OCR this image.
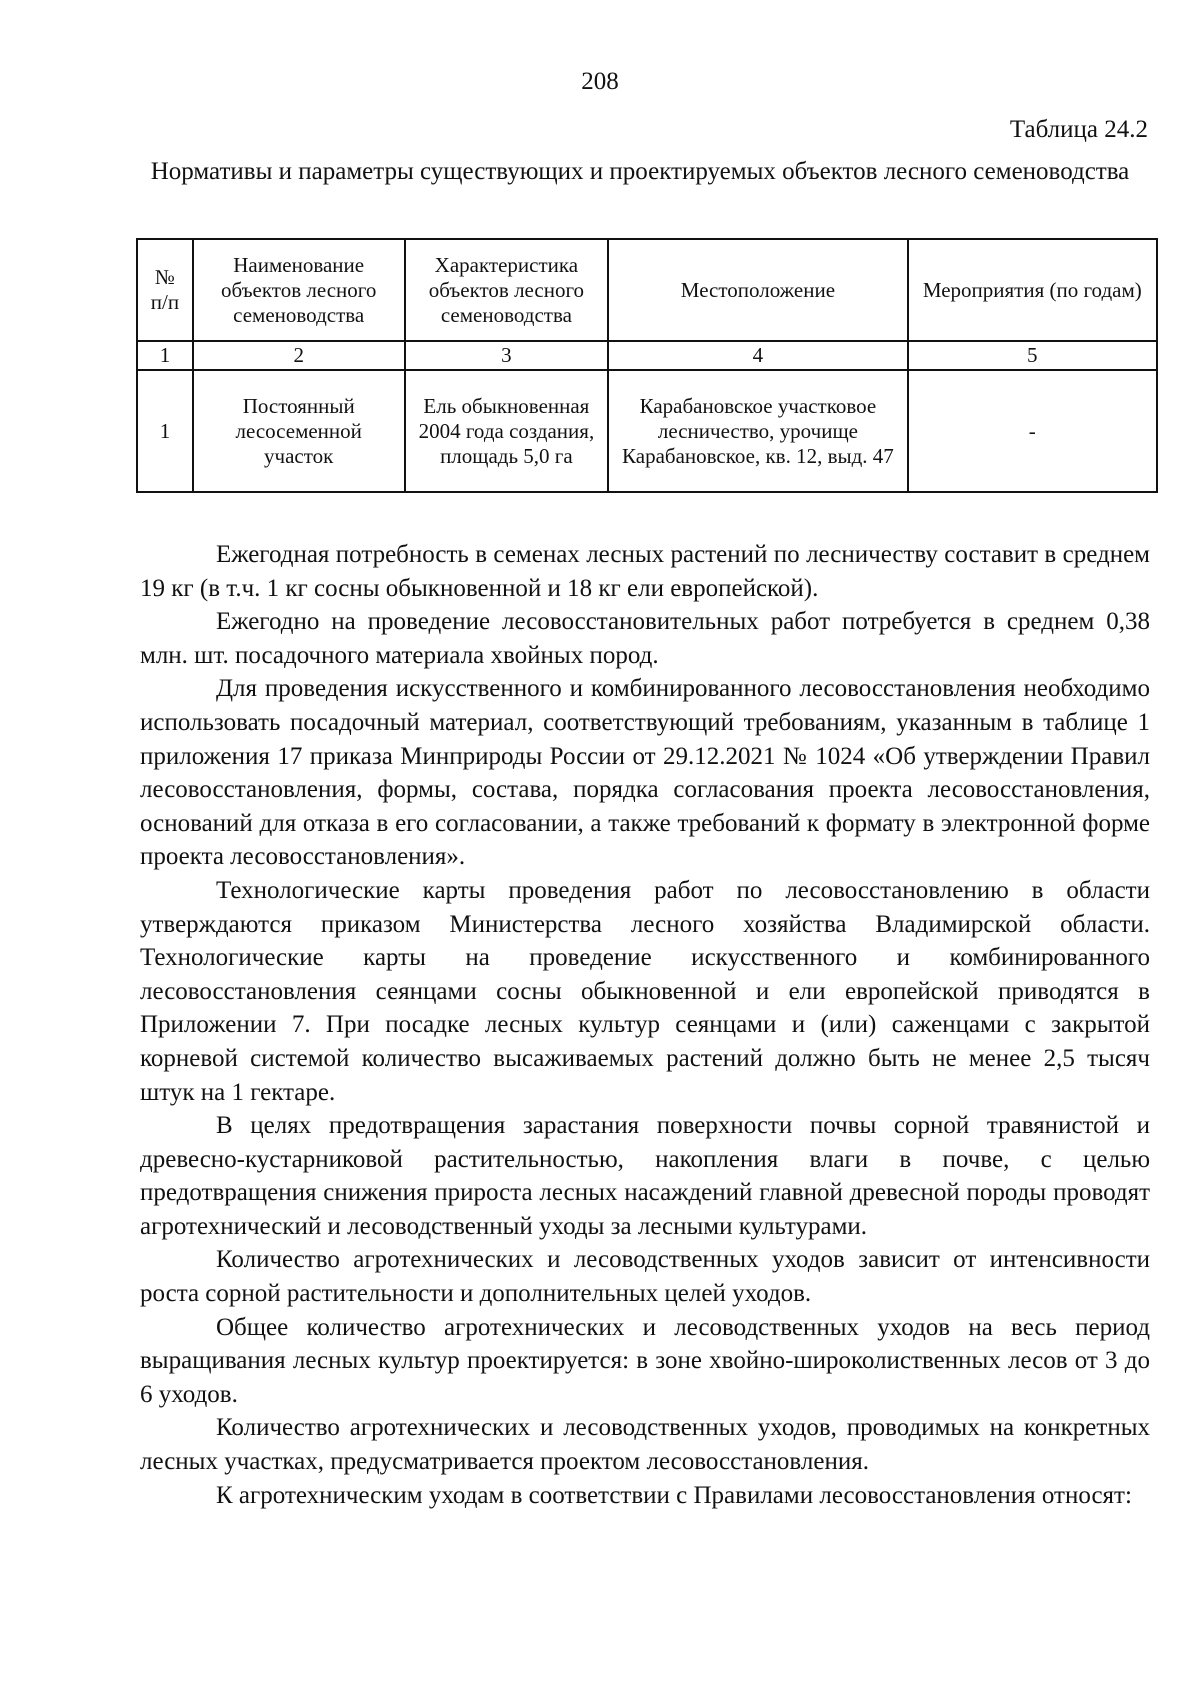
208
Таблица 24.2
Нормативы и параметры существующих и проектируемых объектов лесного семеноводства
№ п/п	Наименование объектов лесного семеноводства	Характеристика объектов лесного семеноводства	Местоположение	Мероприятия (по годам)
1	2	3	4	5
1	Постоянный лесосеменной участок	Ель обыкновенная 2004 года создания, площадь 5,0 га	Карабановское участковое лесничество, урочище Карабановское, кв. 12, выд. 47	-

Ежегодная потребность в семенах лесных растений по лесничеству составит в среднем 19 кг (в т.ч. 1 кг сосны обыкновенной и 18 кг ели европейской).

Ежегодно на проведение лесовосстановительных работ потребуется в среднем 0,38 млн. шт. посадочного материала хвойных пород.

Для проведения искусственного и комбинированного лесовосстановления необходимо использовать посадочный материал, соответствующий требованиям, указанным в таблице 1 приложения 17 приказа Минприроды России от 29.12.2021 № 1024 «Об утверждении Правил лесовосстановления, формы, состава, порядка согласования проекта лесовосстановления, оснований для отказа в его согласовании, а также требований к формату в электронной форме проекта лесовосстановления».

Технологические карты проведения работ по лесовосстановлению в области утверждаются приказом Министерства лесного хозяйства Владимирской области. Технологические карты на проведение искусственного и комбинированного лесовосстановления сеянцами сосны обыкновенной и ели европейской приводятся в Приложении 7. При посадке лесных культур сеянцами и (или) саженцами с закрытой корневой системой количество высаживаемых растений должно быть не менее 2,5 тысяч штук на 1 гектаре.

В целях предотвращения зарастания поверхности почвы сорной травянистой и древесно-кустарниковой растительностью, накопления влаги в почве, с целью предотвращения снижения прироста лесных насаждений главной древесной породы проводят агротехнический и лесоводственный уходы за лесными культурами.

Количество агротехнических и лесоводственных уходов зависит от интенсивности роста сорной растительности и дополнительных целей уходов.

Общее количество агротехнических и лесоводственных уходов на весь период выращивания лесных культур проектируется: в зоне хвойно-широколиственных лесов от 3 до 6 уходов.

Количество агротехнических и лесоводственных уходов, проводимых на конкретных лесных участках, предусматривается проектом лесовосстановления.

К агротехническим уходам в соответствии с Правилами лесовосстановления относят:
